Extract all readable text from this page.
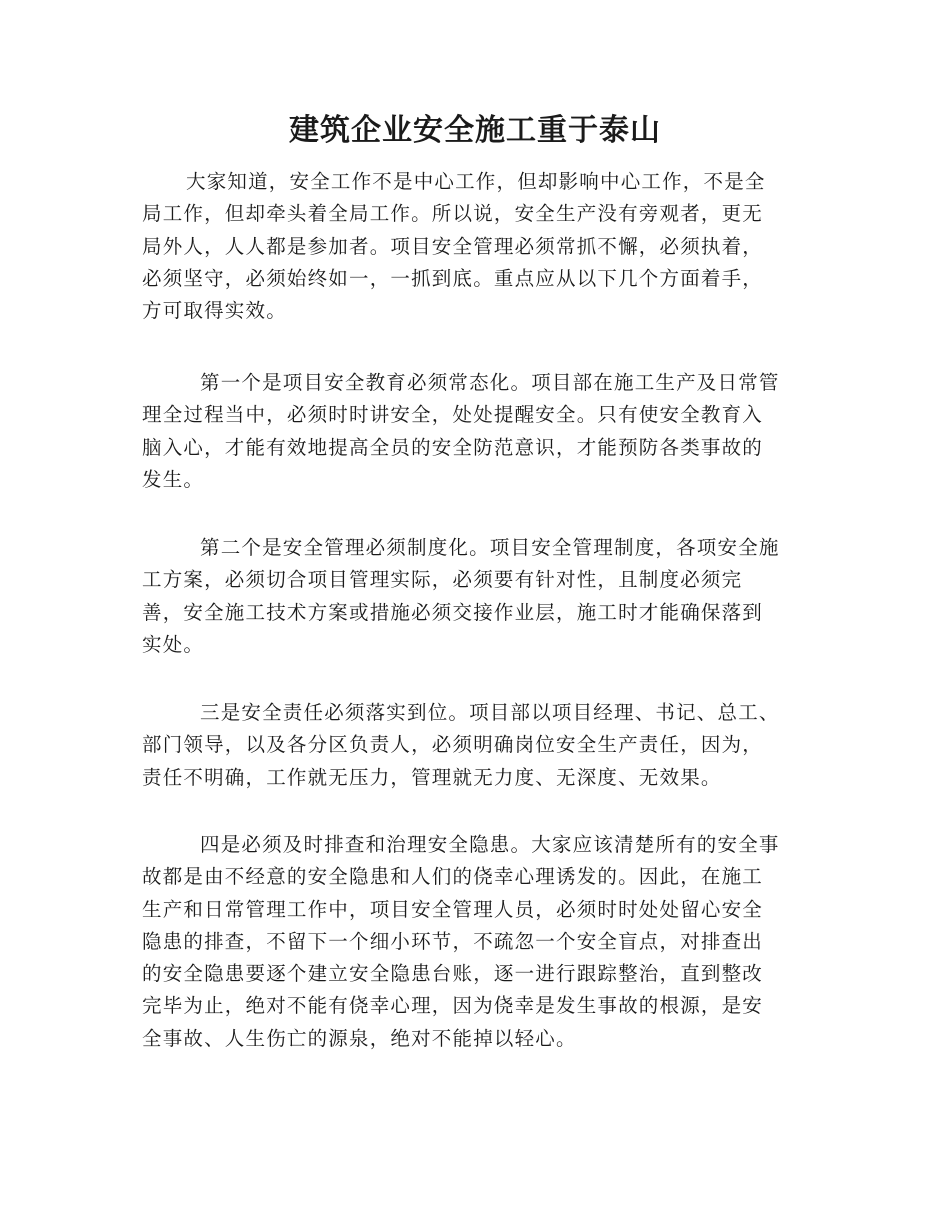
建筑企业安全施工重于泰山

大家知道，安全工作不是中心工作，但却影响中心工作，不是全
局工作，但却牵头着全局工作。所以说，安全生产没有旁观者，更无
局外人，人人都是参加者。项目安全管理必须常抓不懈，必须执着，
必须坚守，必须始终如一，一抓到底。重点应从以下几个方面着手，
方可取得实效。

第一个是项目安全教育必须常态化。项目部在施工生产及日常管
理全过程当中，必须时时讲安全，处处提醒安全。只有使安全教育入
脑入心，才能有效地提高全员的安全防范意识，才能预防各类事故的
发生。

第二个是安全管理必须制度化。项目安全管理制度，各项安全施
工方案，必须切合项目管理实际，必须要有针对性，且制度必须完
善，安全施工技术方案或措施必须交接作业层，施工时才能确保落到
实处。

三是安全责任必须落实到位。项目部以项目经理、书记、总工、
部门领导，以及各分区负责人，必须明确岗位安全生产责任，因为，
责任不明确，工作就无压力，管理就无力度、无深度、无效果。

四是必须及时排查和治理安全隐患。大家应该清楚所有的安全事
故都是由不经意的安全隐患和人们的侥幸心理诱发的。因此，在施工
生产和日常管理工作中，项目安全管理人员，必须时时处处留心安全
隐患的排查，不留下一个细小环节，不疏忽一个安全盲点，对排查出
的安全隐患要逐个建立安全隐患台账，逐一进行跟踪整治，直到整改
完毕为止，绝对不能有侥幸心理，因为侥幸是发生事故的根源，是安
全事故、人生伤亡的源泉，绝对不能掉以轻心。
